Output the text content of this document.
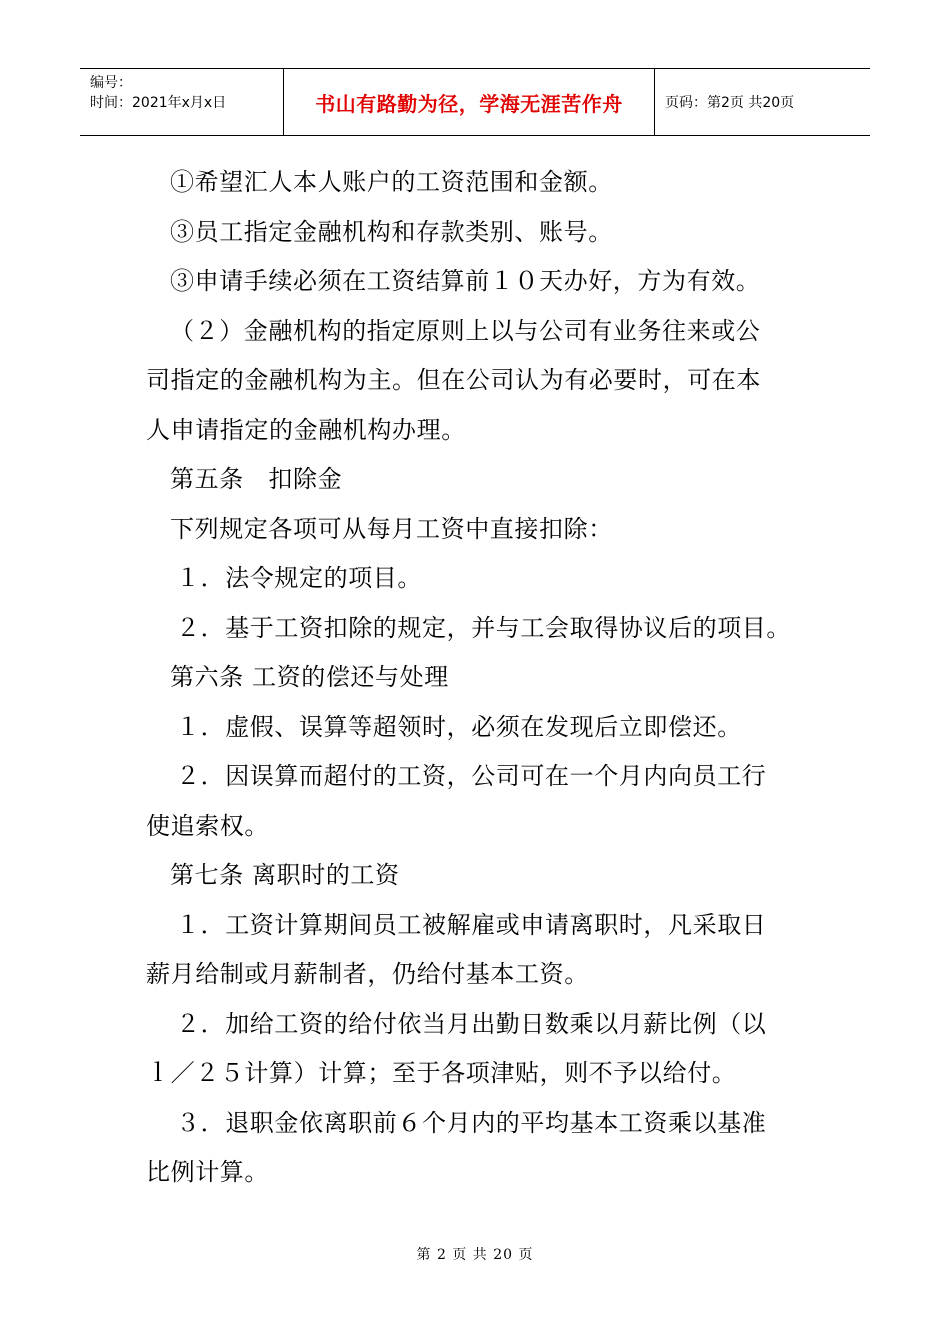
编号：
时间：2021年x月x日	书山有路勤为径，学海无涯苦作舟	页码：第2页 共20页
①希望汇人本人账户的工资范围和金额。
③员工指定金融机构和存款类别、账号。
③申请手续必须在工资结算前１０天办好，方为有效。
（２）金融机构的指定原则上以与公司有业务往来或公
司指定的金融机构为主。但在公司认为有必要时，可在本
人申请指定的金融机构办理。
第五条　扣除金
下列规定各项可从每月工资中直接扣除：
１．法令规定的项目。
２．基于工资扣除的规定，并与工会取得协议后的项目。
第六条 工资的偿还与处理
１．虚假、误算等超领时，必须在发现后立即偿还。
２．因误算而超付的工资，公司可在一个月内向员工行
使追索权。
第七条 离职时的工资
１．工资计算期间员工被解雇或申请离职时，凡采取日
薪月给制或月薪制者，仍给付基本工资。
２．加给工资的给付依当月出勤日数乘以月薪比例（以
ｌ／２５计算）计算；至于各项津贴，则不予以给付。
３．退职金依离职前６个月内的平均基本工资乘以基准
比例计算。
第 2 页 共 20 页
